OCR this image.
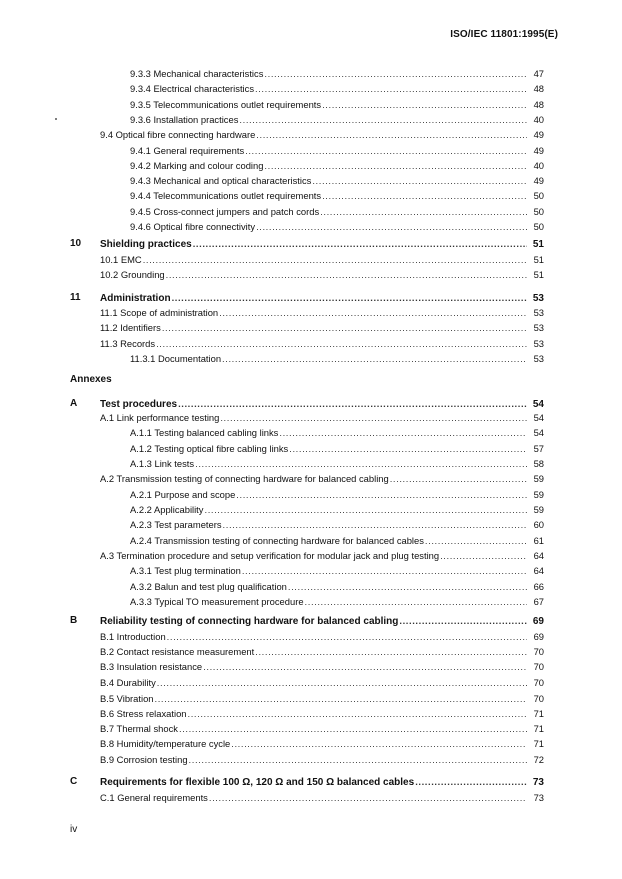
ISO/IEC 11801:1995(E)
9.3.3 Mechanical characteristics .....	47
9.3.4 Electrical characteristics .....	48
9.3.5 Telecommunications outlet requirements .....	48
9.3.6 Installation practices .....	40
9.4 Optical fibre connecting hardware .....	49
9.4.1 General requirements .....	49
9.4.2 Marking and colour coding .....	40
9.4.3 Mechanical and optical characteristics .....	49
9.4.4 Telecommunications outlet requirements .....	50
9.4.5 Cross-connect jumpers and patch cords .....	50
9.4.6 Optical fibre connectivity .....	50
10 Shielding practices .....	51
10.1 EMC .....	51
10.2 Grounding .....	51
11 Administration .....	53
11.1 Scope of administration .....	53
11.2 Identifiers .....	53
11.3 Records .....	53
11.3.1 Documentation .....	53
A Test procedures .....	54
A.1 Link performance testing .....	54
A.1.1 Testing balanced cabling links .....	54
A.1.2 Testing optical fibre cabling links .....	57
A.1.3 Link tests .....	58
A.2 Transmission testing of connecting hardware for balanced cabling .....	59
A.2.1 Purpose and scope .....	59
A.2.2 Applicability .....	59
A.2.3 Test parameters .....	60
A.2.4 Transmission testing of connecting hardware for balanced cables .....	61
A.3 Termination procedure and setup verification for modular jack and plug testing .....	64
A.3.1 Test plug termination .....	64
A.3.2 Balun and test plug qualification .....	66
A.3.3 Typical TO measurement procedure .....	67
B Reliability testing of connecting hardware for balanced cabling .....	69
B.1 Introduction .....	69
B.2 Contact resistance measurement .....	70
B.3 Insulation resistance .....	70
B.4 Durability .....	70
B.5 Vibration .....	70
B.6 Stress relaxation .....	71
B.7 Thermal shock .....	71
B.8 Humidity/temperature cycle .....	71
B.9 Corrosion testing .....	72
C Requirements for flexible 100 Ω, 120 Ω and 150 Ω balanced cables .....	73
C.1 General requirements .....	73
Annexes
iv
